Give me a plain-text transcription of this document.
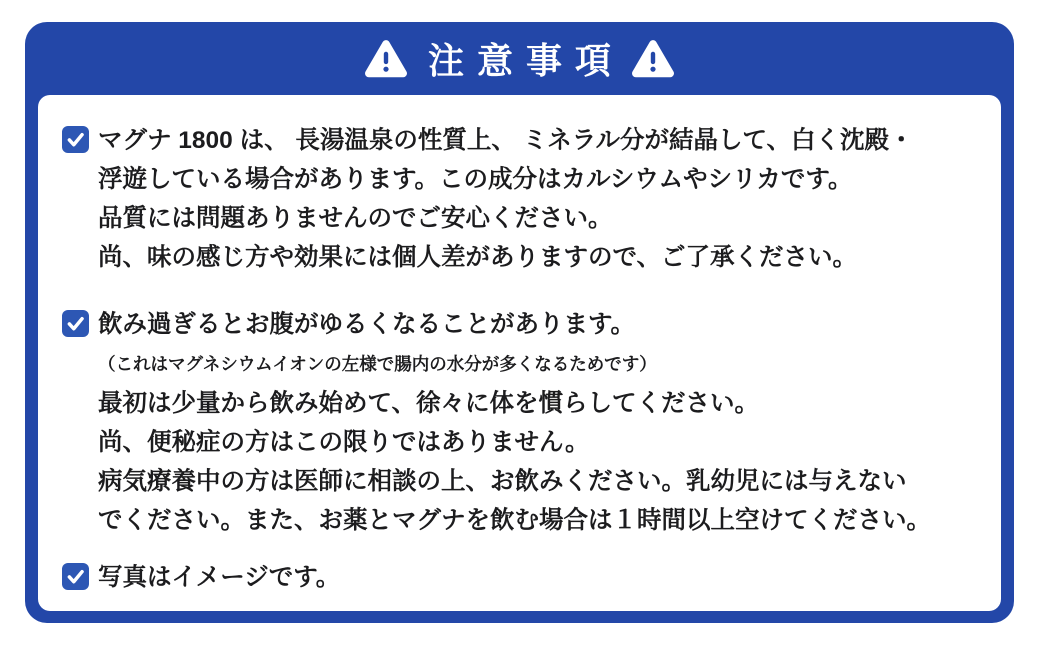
注意事項

マグナ 1800 は、 長湯温泉の性質上、 ミネラル分が結晶して、白く沈殿・

浮遊している場合があります。この成分はカルシウムやシリカです。

品質には問題ありませんのでご安心ください。

尚、味の感じ方や効果には個人差がありますので、ご了承ください。

飲み過ぎるとお腹がゆるくなることがあります。

（これはマグネシウムイオンの左様で腸内の水分が多くなるためです）

最初は少量から飲み始めて、徐々に体を慣らしてください。

尚、便秘症の方はこの限りではありません。

病気療養中の方は医師に相談の上、お飲みください。乳幼児には与えない

でください。また、お薬とマグナを飲む場合は１時間以上空けてください。

写真はイメージです。
